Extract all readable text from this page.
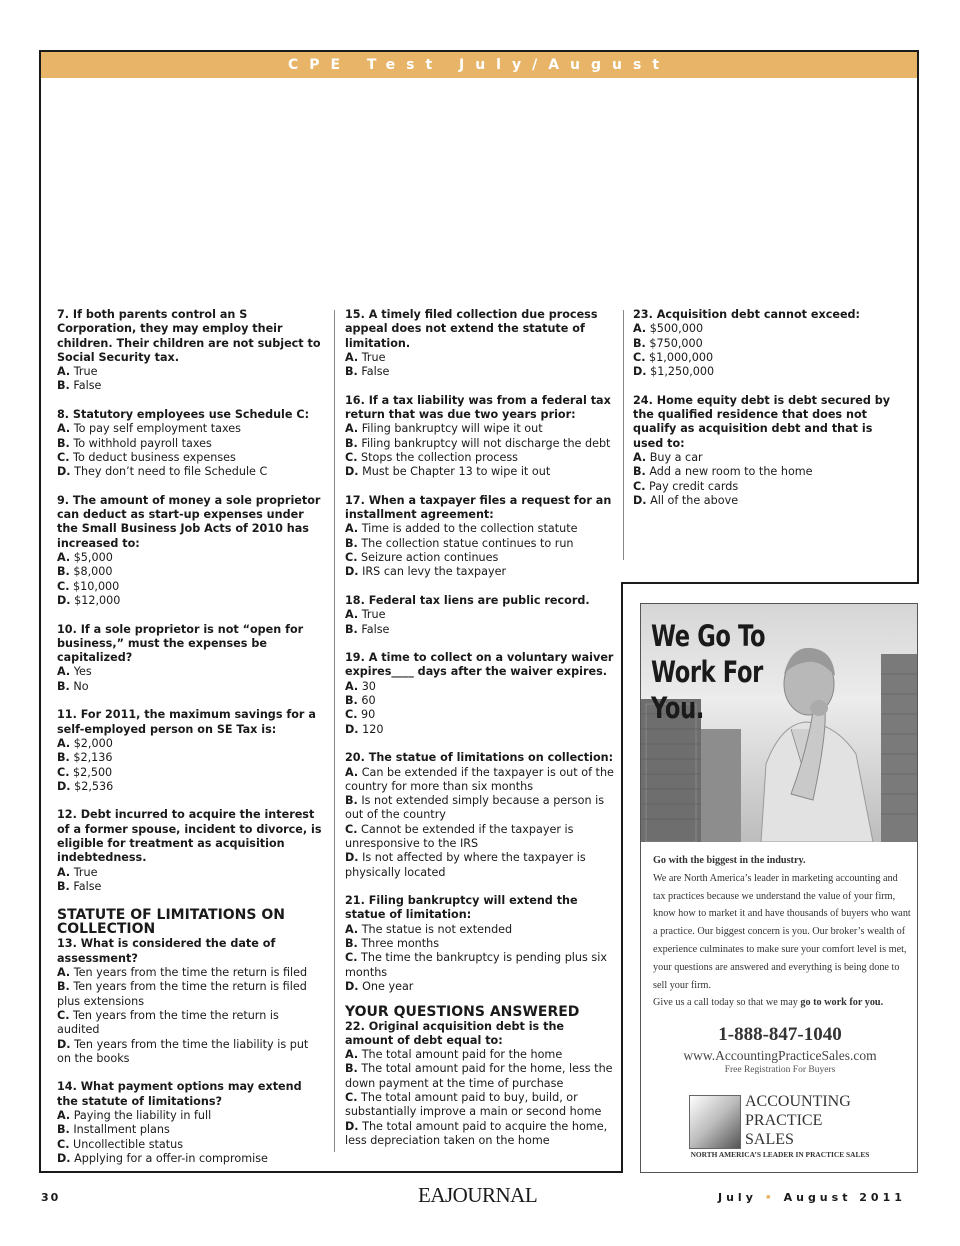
CPE Test July/August
7. If both parents control an S Corporation, they may employ their children. Their children are not subject to Social Security tax.
A. True
B. False
8. Statutory employees use Schedule C:
A. To pay self employment taxes
B. To withhold payroll taxes
C. To deduct business expenses
D. They don’t need to file Schedule C
9. The amount of money a sole proprietor can deduct as start-up expenses under the Small Business Job Acts of 2010 has increased to:
A. $5,000
B. $8,000
C. $10,000
D. $12,000
10. If a sole proprietor is not “open for business,” must the expenses be capitalized?
A. Yes
B. No
11. For 2011, the maximum savings for a self-employed person on SE Tax is:
A. $2,000
B. $2,136
C. $2,500
D. $2,536
12. Debt incurred to acquire the interest of a former spouse, incident to divorce, is eligible for treatment as acquisition indebtedness.
A. True
B. False
STATUTE OF LIMITATIONS ON COLLECTION
13. What is considered the date of assessment?
A. Ten years from the time the return is filed
B. Ten years from the time the return is filed plus extensions
C. Ten years from the time the return is audited
D. Ten years from the time the liability is put on the books
14. What payment options may extend the statute of limitations?
A. Paying the liability in full
B. Installment plans
C. Uncollectible status
D. Applying for a offer-in compromise
15. A timely filed collection due process appeal does not extend the statute of limitation.
A. True
B. False
16. If a tax liability was from a federal tax return that was due two years prior:
A. Filing bankruptcy will wipe it out
B. Filing bankruptcy will not discharge the debt
C. Stops the collection process
D. Must be Chapter 13 to wipe it out
17. When a taxpayer files a request for an installment agreement:
A. Time is added to the collection statute
B. The collection statue continues to run
C. Seizure action continues
D. IRS can levy the taxpayer
18. Federal tax liens are public record.
A. True
B. False
19. A time to collect on a voluntary waiver expires____ days after the waiver expires.
A. 30
B. 60
C. 90
D. 120
20. The statue of limitations on collection:
A. Can be extended if the taxpayer is out of the country for more than six months
B. Is not extended simply because a person is out of the country
C. Cannot be extended if the taxpayer is unresponsive to the IRS
D. Is not affected by where the taxpayer is physically located
21. Filing bankruptcy will extend the statue of limitation:
A. The statue is not extended
B. Three months
C. The time the bankruptcy is pending plus six months
D. One year
YOUR QUESTIONS ANSWERED
22. Original acquisition debt is the amount of debt equal to:
A. The total amount paid for the home
B. The total amount paid for the home, less the down payment at the time of purchase
C. The total amount paid to buy, build, or substantially improve a main or second home
D. The total amount paid to acquire the home, less depreciation taken on the home
23. Acquisition debt cannot exceed:
A. $500,000
B. $750,000
C. $1,000,000
D. $1,250,000
24. Home equity debt is debt secured by the qualified residence that does not qualify as acquisition debt and that is used to:
A. Buy a car
B. Add a new room to the home
C. Pay credit cards
D. All of the above
We Go To Work For You.
Go with the biggest in the industry.
We are North America’s leader in marketing accounting and tax practices because we understand the value of your firm, know how to market it and have thousands of buyers who want a practice. Our biggest concern is you. Our broker’s wealth of experience culminates to make sure your comfort level is met, your questions are answered and everything is being done to sell your firm.
Give us a call today so that we may go to work for you.
1-888-847-1040
www.AccountingPracticeSales.com
Free Registration For Buyers
ACCOUNTING
PRACTICE
SALES
NORTH AMERICA’S LEADER IN PRACTICE SALES
30	EAJOURNAL	July • August 2011
